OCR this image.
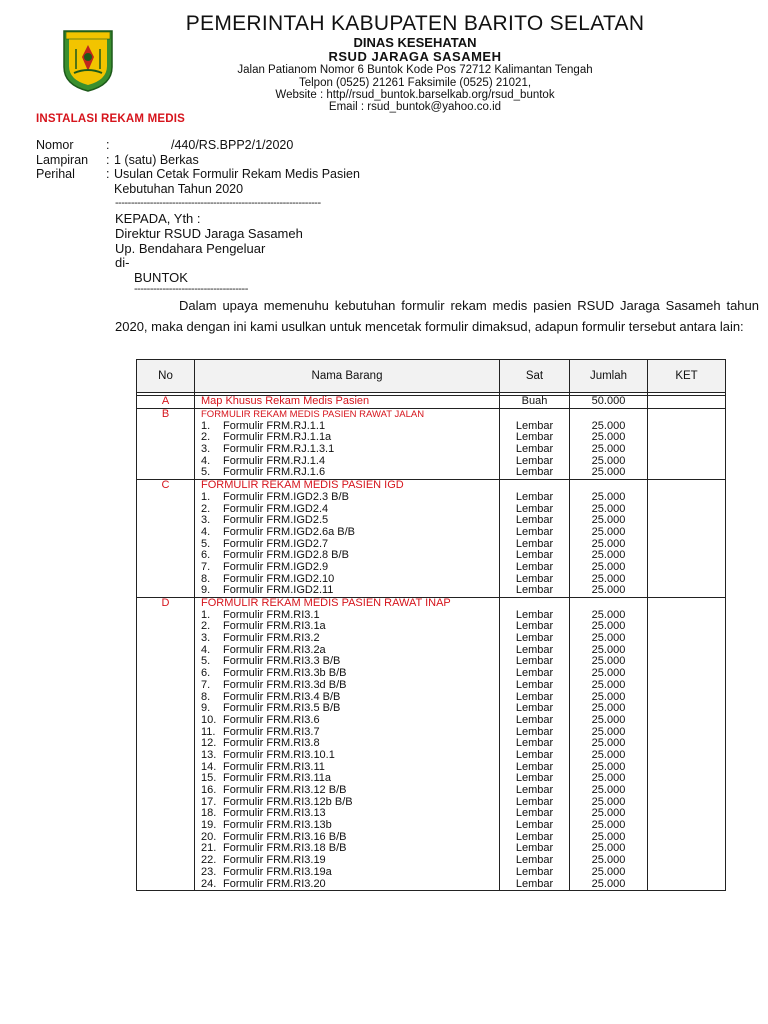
PEMERINTAH KABUPATEN BARITO SELATAN
DINAS KESEHATAN
RSUD JARAGA SASAMEH
Jalan Patianom Nomor 6 Buntok Kode Pos 72712 Kalimantan Tengah
Telpon (0525) 21261 Faksimile (0525) 21021,
Website : http//rsud_buntok.barselkab.org/rsud_buntok
Email : rsud_buntok@yahoo.co.id
INSTALASI REKAM MEDIS
Nomor	:	/440/RS.BPP2/1/2020
Lampiran : 1 (satu) Berkas
Perihal : Usulan Cetak Formulir Rekam Medis Pasien
Kebutuhan Tahun 2020
-----------------------------------------------------------------
KEPADA, Yth :
Direktur RSUD Jaraga Sasameh
Up. Bendahara Pengeluar
di-
BUNTOK
------------------------------------

Dalam upaya memenuhu kebutuhan formulir rekam medis pasien RSUD Jaraga Sasameh tahun 2020, maka dengan ini kami usulkan untuk mencetak formulir dimaksud, adapun formulir tersebut antara lain:

No	Nama Barang	Sat	Jumlah	KET

A	Map Khusus Rekam Medis Pasien	Buah	50.000	
B	FORMULIR REKAM MEDIS PASIEN RAWAT JALAN			
	1. Formulir FRM.RJ.1.1	Lembar	25.000	
	2. Formulir FRM.RJ.1.1a	Lembar	25.000	
	3. Formulir FRM.RJ.1.3.1	Lembar	25.000	
	4. Formulir FRM.RJ.1.4	Lembar	25.000	
	5. Formulir FRM.RJ.1.6	Lembar	25.000	
C	FORMULIR REKAM MEDIS PASIEN IGD			
	1. Formulir FRM.IGD2.3 B/B	Lembar	25.000	
	2. Formulir FRM.IGD2.4	Lembar	25.000	
	3. Formulir FRM.IGD2.5	Lembar	25.000	
	4. Formulir FRM.IGD2.6a B/B	Lembar	25.000	
	5. Formulir FRM.IGD2.7	Lembar	25.000	
	6. Formulir FRM.IGD2.8 B/B	Lembar	25.000	
	7. Formulir FRM.IGD2.9	Lembar	25.000	
	8. Formulir FRM.IGD2.10	Lembar	25.000	
	9. Formulir FRM.IGD2.11	Lembar	25.000	
D	FORMULIR REKAM MEDIS PASIEN RAWAT INAP			
	1. Formulir FRM.RI3.1	Lembar	25.000	
	2. Formulir FRM.RI3.1a	Lembar	25.000	
	3. Formulir FRM.RI3.2	Lembar	25.000	
	4. Formulir FRM.RI3.2a	Lembar	25.000	
	5. Formulir FRM.RI3.3 B/B	Lembar	25.000	
	6. Formulir FRM.RI3.3b B/B	Lembar	25.000	
	7. Formulir FRM.RI3.3d B/B	Lembar	25.000	
	8. Formulir FRM.RI3.4 B/B	Lembar	25.000	
	9. Formulir FRM.RI3.5 B/B	Lembar	25.000	
	10. Formulir FRM.RI3.6	Lembar	25.000	
	11. Formulir FRM.RI3.7	Lembar	25.000	
	12. Formulir FRM.RI3.8	Lembar	25.000	
	13. Formulir FRM.RI3.10.1	Lembar	25.000	
	14. Formulir FRM.RI3.11	Lembar	25.000	
	15. Formulir FRM.RI3.11a	Lembar	25.000	
	16. Formulir FRM.RI3.12 B/B	Lembar	25.000	
	17. Formulir FRM.RI3.12b B/B	Lembar	25.000	
	18. Formulir FRM.RI3.13	Lembar	25.000	
	19. Formulir FRM.RI3.13b	Lembar	25.000	
	20. Formulir FRM.RI3.16 B/B	Lembar	25.000	
	21. Formulir FRM.RI3.18 B/B	Lembar	25.000	
	22. Formulir FRM.RI3.19	Lembar	25.000	
	23. Formulir FRM.RI3.19a	Lembar	25.000	
	24. Formulir FRM.RI3.20	Lembar	25.000	
